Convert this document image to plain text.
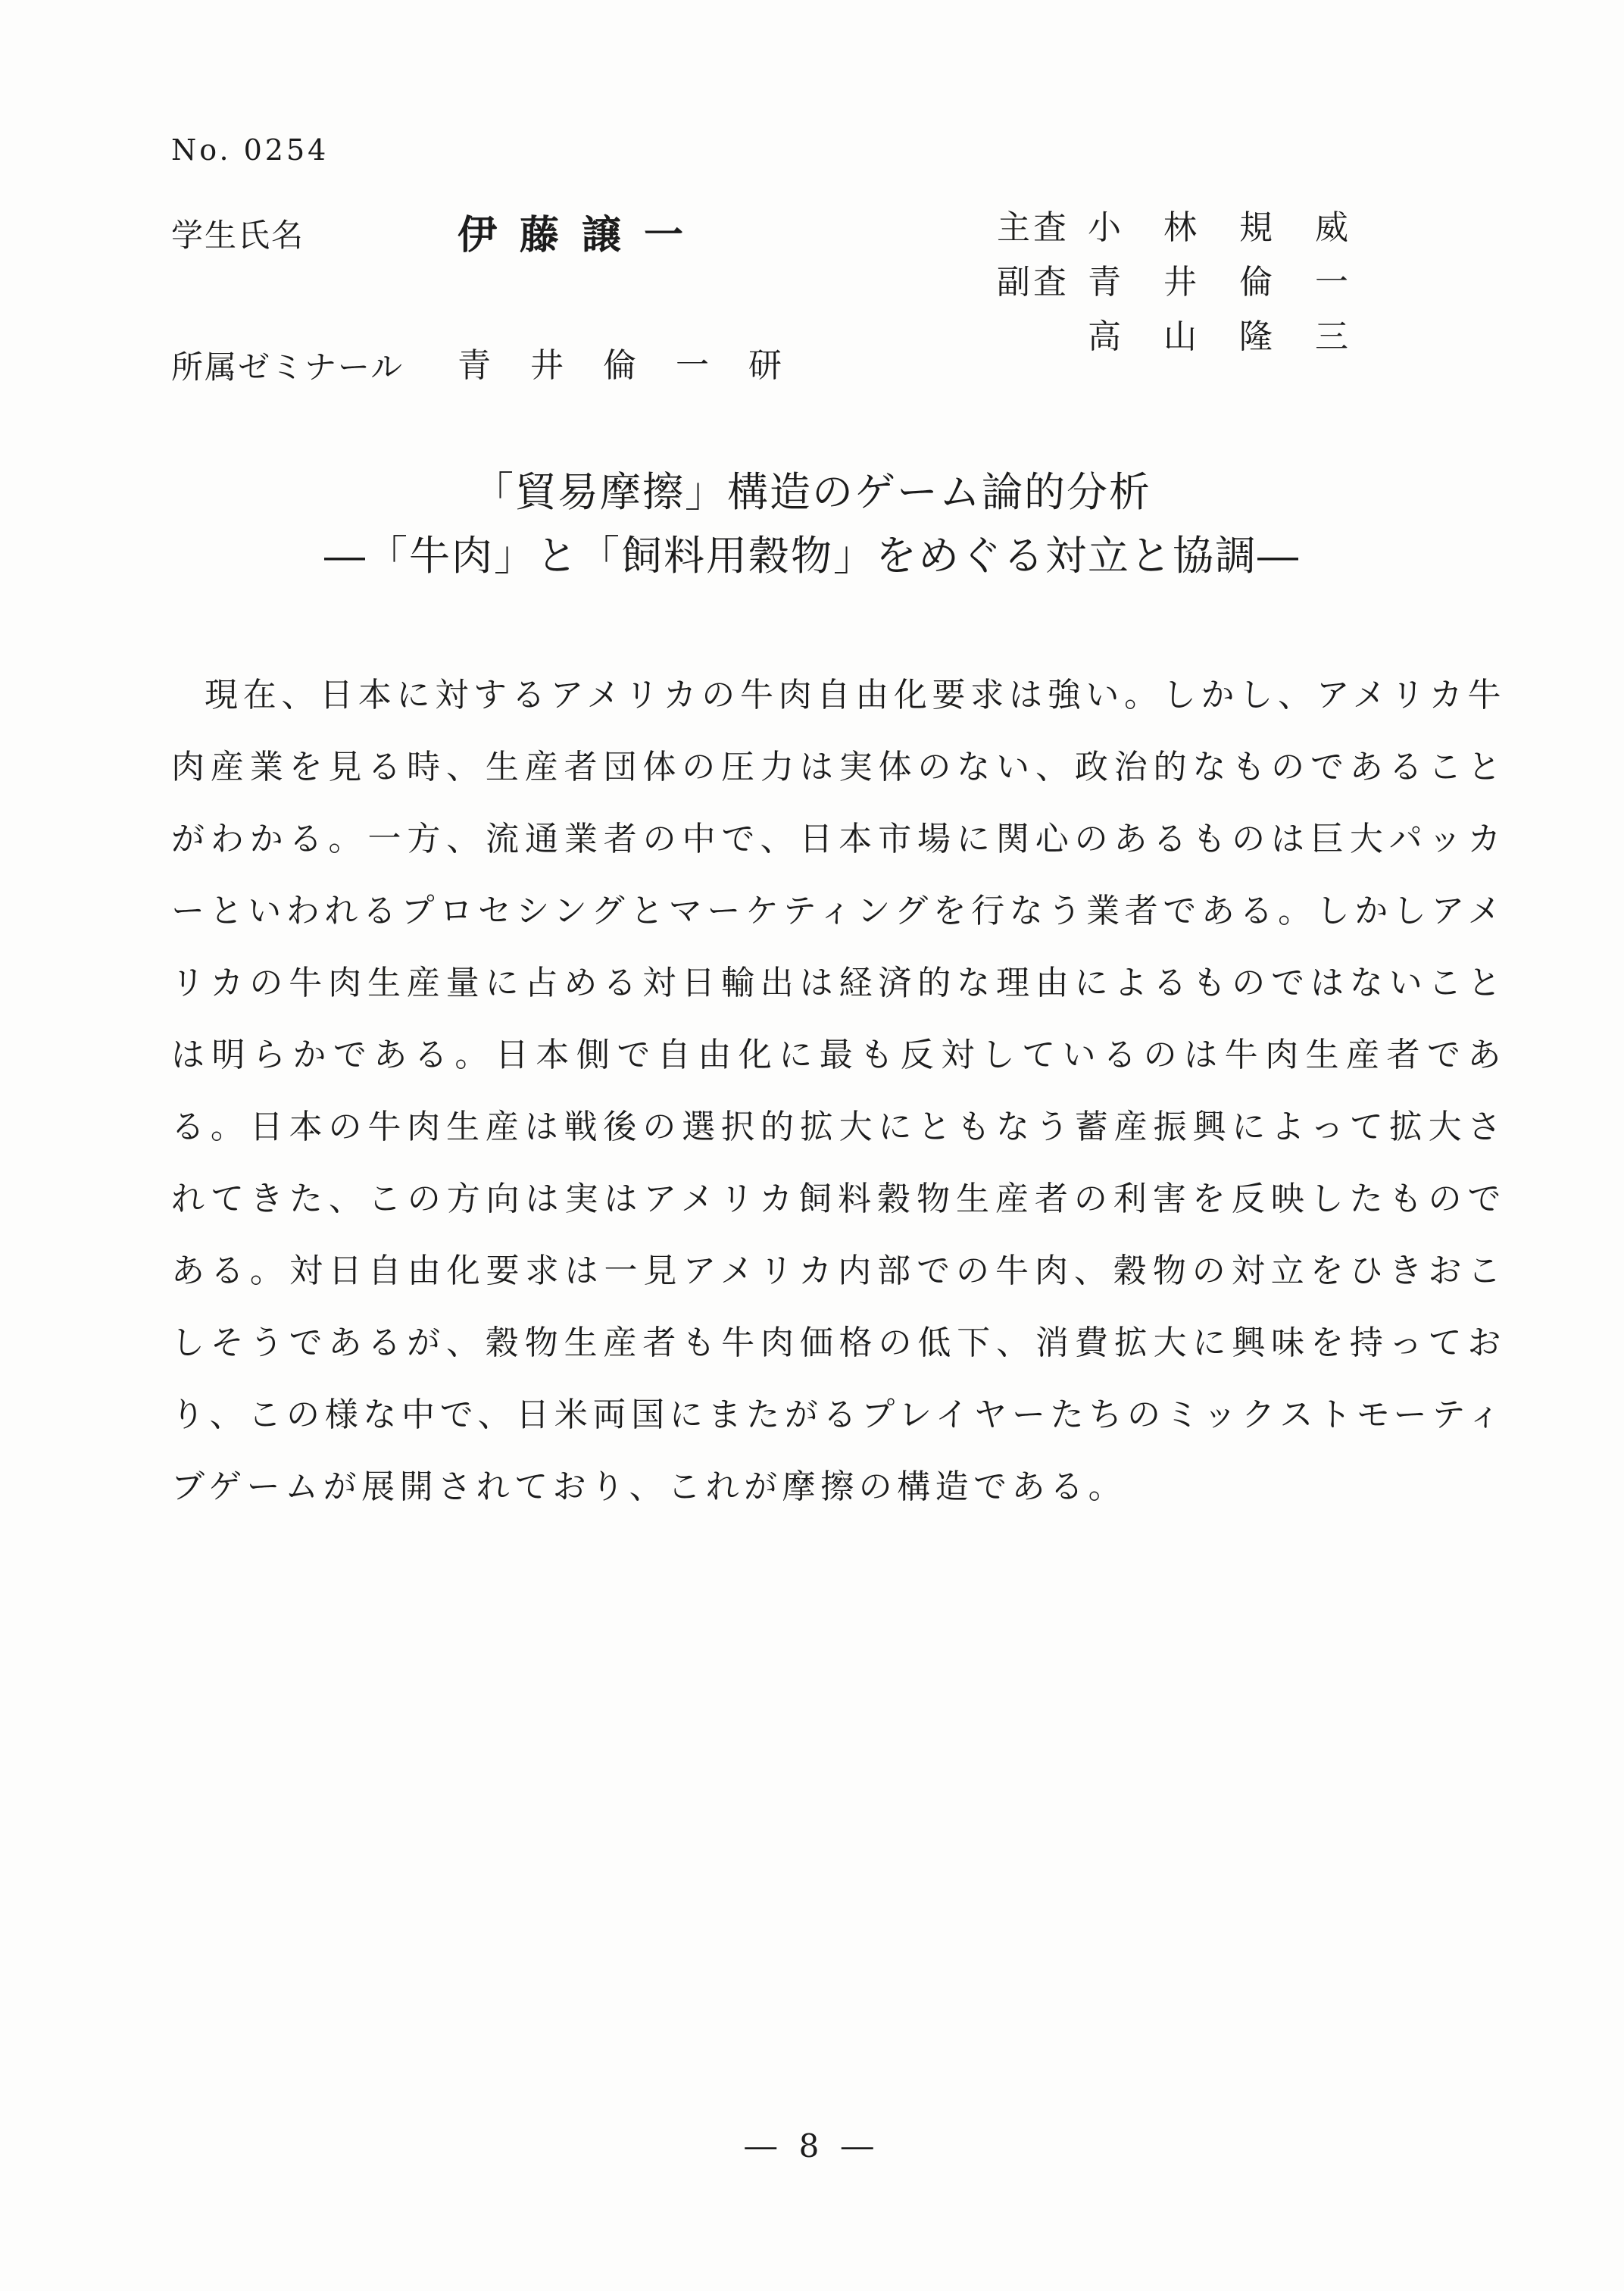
No. 0254
学生氏名	伊藤譲一
所属ゼミナール 青井倫一研
主査 小林規威
副査 青井倫一
高山隆三
「貿易摩擦」構造のゲーム論的分析
―「牛肉」と「飼料用穀物」をめぐる対立と協調―

現在、日本に対するアメリカの牛肉自由化要求は強い。しかし、アメリカ牛肉産業を見る時、生産者団体の圧力は実体のない、政治的なものであることがわかる。一方、流通業者の中で、日本市場に関心のあるものは巨大パッカーといわれるプロセシングとマーケティングを行なう業者である。しかしアメリカの牛肉生産量に占める対日輸出は経済的な理由によるものではないことは明らかである。日本側で自由化に最も反対しているのは牛肉生産者である。日本の牛肉生産は戦後の選択的拡大にともなう蓄産振興によって拡大されてきた、この方向は実はアメリカ飼料穀物生産者の利害を反映したものである。対日自由化要求は一見アメリカ内部での牛肉、穀物の対立をひきおこしそうであるが、穀物生産者も牛肉価格の低下、消費拡大に興味を持っており、この様な中で、日米両国にまたがるプレイヤーたちのミックストモーティブゲームが展開されており、これが摩擦の構造である。

― 8 ―
